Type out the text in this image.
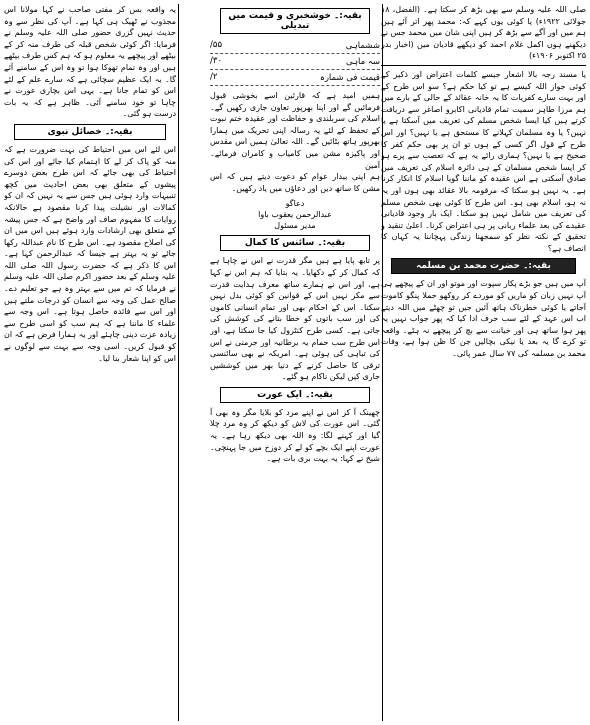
صلی اللہ علیہ وسلم سے بھی بڑھ کر سکتا ہے۔ (الفضل، ۱۸ جولائی ۱۹۲۲ء) یا کوئی یوں کہے کہ: محمد پھر اتر آئے ہیں ہم میں اور آگے سے بڑھ کر ہیں اپنی شان میں محمد جس نے دیکھنے ہوں اکمل غلام احمد کو دیکھے قادیان میں (اخبار بدر ۲۵ اکتوبر ۱۹۰۶ء)

یا مسند رجہ بالا اشعار جیسے کلمات اعتراض اور ذکیر کے کوئی جواز اللہ کیسے ہے تو کیا حکم ہے؟ سو اس طرح کے اور بہت سارے کفریات کا یہ خانہ عقائد کے حالی کے بارے میں ہم مرزا طاہر سمیت تمام قادیانی اکابرو اصاغر سے دریافت کرتے ہیں کیا ایسا شخص مسلم کی تعریف میں آسکتا ہے یا نہیں؟ یا وہ مسلمان کہلانے کا مستحق ہے یا نہیں؟ اور اس طرح کے قول اگر کسی کے ہوں تو ان پر بھی حکم کفر کا صحیح ہے یا نہیں؟ ہماری رائے یہ ہے کہ تعصب سے پرے ہو کر ایسا شخص مسلمان کے ہی دائرہ اسلام کی تعریف میں صادق آسکتی ہے اس عقیدہ کو ماننا گویا اسلام کا انکار کرنا ہے۔ یہ نہیں ہو سکتا کہ مرقومہ بالا عقائد بھی ہوں اور یہ نہ ہو، اسلام بھی ہو۔ اس طرح کا کوئی بھی شخص مسلم کی تعریف میں شامل نہیں ہو سکتا۔ ایک بار وجود قادیانی عقیدے کی بعد علماء ربانی پر ہی اعتراض کرنا۔ اعلیٰ تنقید و تحقیق کے نکتہ نظر کو سمجھنا زندگی پہچاننا یہ کہاں کا انصاف ہے؟

بقیہ:۔ حضرت محمد بن مسلمہ

آپ میں ہیں جو بڑے پکار سپوت اور موتو اور ان کے پیچھے ہی آپ نہیں زبان کو ماریں کو موردے کر روکھو حملا پنگو کاموت آجاتے یا کوئی خطرناک ہاتھ آئیں جیں تو چھٹے میں اللہ دیتے اب اس عہد کے لئے سب حرف ادا کیا کہ پھر جواب نہیں یہ پھر ہوا ساتھ ہی اور خیانت سے بچ کر پیچھے نہ ہٹے۔ واقعہ تو کرے گا یہ بعد یا نیکی بچالیں جن کا ظن ہوا ہے، وفات محمد بن مسلمہ کی ۷۷ سال عمر پائی۔

بقیہ:۔ خوشخبری و قیمت میں تبدیلی
ششماہی
۵۵/
سہ ماہی
۳۰/
قیمت فی شمارہ
۲/

ہمیں امید ہے کہ قارئین اسے بخوشی قبول فرمائیں گے اور اپنا بھرپور تعاون جاری رکھیں گے۔ اسلام کی سربلندی و حفاظت اور عقیدہ ختم نبوت کے تحفظ کے لئے یہ رسالہ اپنی تحریک میں ہمارا بھرپور ہاتھ بٹائیں گے۔ اللہ تعالیٰ ہمیں اس مقدس اور پاکیزہ مشن میں کامیاب و کامران فرمائے۔ آمین

ہم اپنی بیدار عوام کو دعوت دیتے ہیں کہ اس مشن کا ساتھ دیں اور دعاؤں میں یاد رکھیں۔

دعاگو
عبدالرحمن یعقوب باوا
مدیر مسئول
بقیہ:۔ سائنس کا کمال

پر تابھ پایا ہے ہیں مگر قدرت نے اس نے چاہا ہے کہ کمال کر کے دکھایا۔ یہ بتایا کہ ہم اس نے کہا ہے، اور اس نے ہمارے ساتھ معرف ہدایت قدرت سے مکر نہیں اس کے قوانین کو کوئی بدل نہیں سکتا۔ اس کے احکام بھی اور تمام انسانی کاموں کی اور سب باتوں کو خطا بتانے کی کوشش کی جاتی ہے۔ کسی طرح کنٹرول کیا جا سکتا ہے، اور اس طرح سب حمام یہ برطانیہ اور جرمنی نے اس کی تباہی کی ہوئی ہے۔ امریکہ نے بھی سائنسی ترقی کا حاصل کرنے کے دنیا بھر میں کوششیں جاری کیں لیکن ناکام ہو گئے۔

بقیہ:۔ ایک عورت

چھینک آ کر اس نے اپنے مرد کو بلایا مگر وہ بھی آ گئی۔ اس عورت کی لاش کو دیکھ کر وہ مرد چلا گیا اور کہنے لگا: وہ اللہ بھی دیکھ رہا ہے۔ یہ عورت اپنے ایک بچے کو لے کر دوزخ میں جا پہنچی۔ شیخ نے کہا: یہ بہت بری بات ہے۔

یہ واقعہ بس کر مفتی صاحب نے کہا مولانا اس مجذوب نے ٹھیک ہی کہا ہے۔ آپ کی نظر سے وہ حدیث نہیں گزری حضور صلی اللہ علیہ وسلم نے فرمایا: اگر کوئی شخص قبلہ کی طرف منہ کر کے بیٹھے اور پیچھے یہ معلوم ہو کہ ہم کس طرف بیٹھے ہیں اور وہ تمام تھوکا ہوا تو وہ اس کے سامنے آئے گا۔ یہ ایک عظیم سچائی ہے کہ سارے علم کے لئے اس کو تمام جانا ہے۔ یہی اس بچاری عورت نے چاہا تو خود سامنے آئی۔ ظاہر ہے کہ یہ بات درست ہو گئی۔

بقیہ:۔ خصائل نبوی

اس لئے اس میں احتیاط کی بہت ضرورت ہے کہ منہ کو پاک کر لے کا اہتمام کیا جائے اور اس کی احتیاط کی بھی جائے کہ اس طرح بعض دوسرے پیشوں کے متعلق بھی بعض احادیث میں کچھ تنبیہات وارد ہوئی ہیں جس سے یہ نہیں کہ ان کو کمالات اور نشیلت پیدا کرنا مقصود ہے حالانکہ روایات کا مفہوم صاف اور واضح ہے کہ جس پیشہ کے متعلق بھی ارشادات وارد ہوئے ہیں اس میں ان کی اصلاح مقصود ہے۔ اس طرح کا نام عبداللہ رکھا جائے تو یہ بہتر ہے جیسا کہ عبدالرحمن کہا ہے۔ اس کا ذکر ہے کہ حضرت رسول اللہ صلی اللہ علیہ وسلم کے بعد حضور اکرم صلی اللہ علیہ وسلم نے فرمایا کہ تم میں سے بہتر وہ ہے جو تعلیم دے۔ صالح عمل کی وجہ سے انسان کو درجات ملتے ہیں اور اس سے فائدہ حاصل ہوتا ہے۔ اس وجہ سے علماء کا ماننا ہے کہ ہم سب کو اسی طرح سے زیادہ عزت دینی چاہئے اور یہ ہمارا فرض ہے کہ ان کو قبول کریں۔ اسی وجہ سے بہت سے لوگوں نے اس کو اپنا شعار بنا لیا۔
